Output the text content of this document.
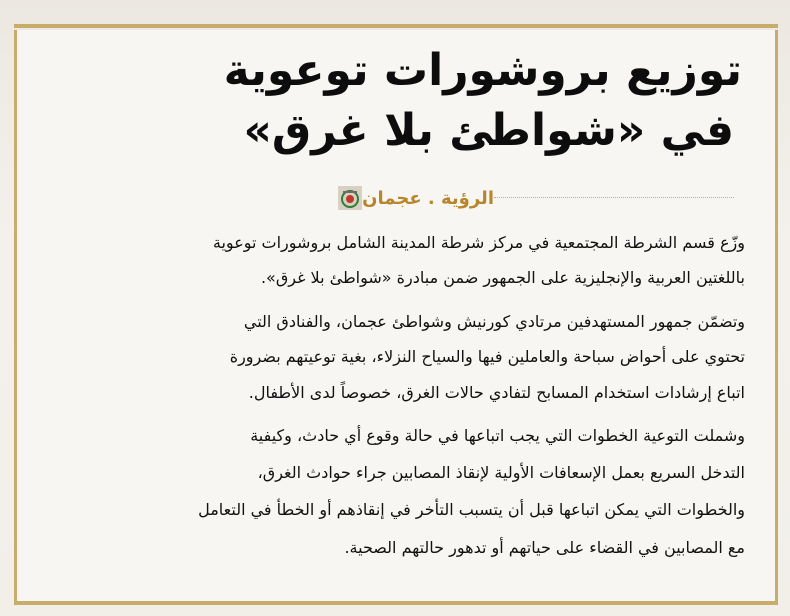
توزيع بروشورات توعوية
في «شواطئ بلا غرق»
الرؤية . عجمان
وزّع قسم الشرطة المجتمعية في مركز شرطة المدينة الشامل بروشورات توعوية
باللغتين العربية والإنجليزية على الجمهور ضمن مبادرة «شواطئ بلا غرق».
وتضمّن جمهور المستهدفين مرتادي كورنيش وشواطئ عجمان، والفنادق التي
تحتوي على أحواض سباحة والعاملين فيها والسياح النزلاء، بغية توعيتهم بضرورة
اتباع إرشادات استخدام المسابح لتفادي حالات الغرق، خصوصاً لدى الأطفال.
وشملت التوعية الخطوات التي يجب اتباعها في حالة وقوع أي حادث، وكيفية
التدخل السريع بعمل الإسعافات الأولية لإنقاذ المصابين جراء حوادث الغرق،
والخطوات التي يمكن اتباعها قبل أن يتسبب التأخر في إنقاذهم أو الخطأ في التعامل
مع المصابين في القضاء على حياتهم أو تدهور حالتهم الصحية.
